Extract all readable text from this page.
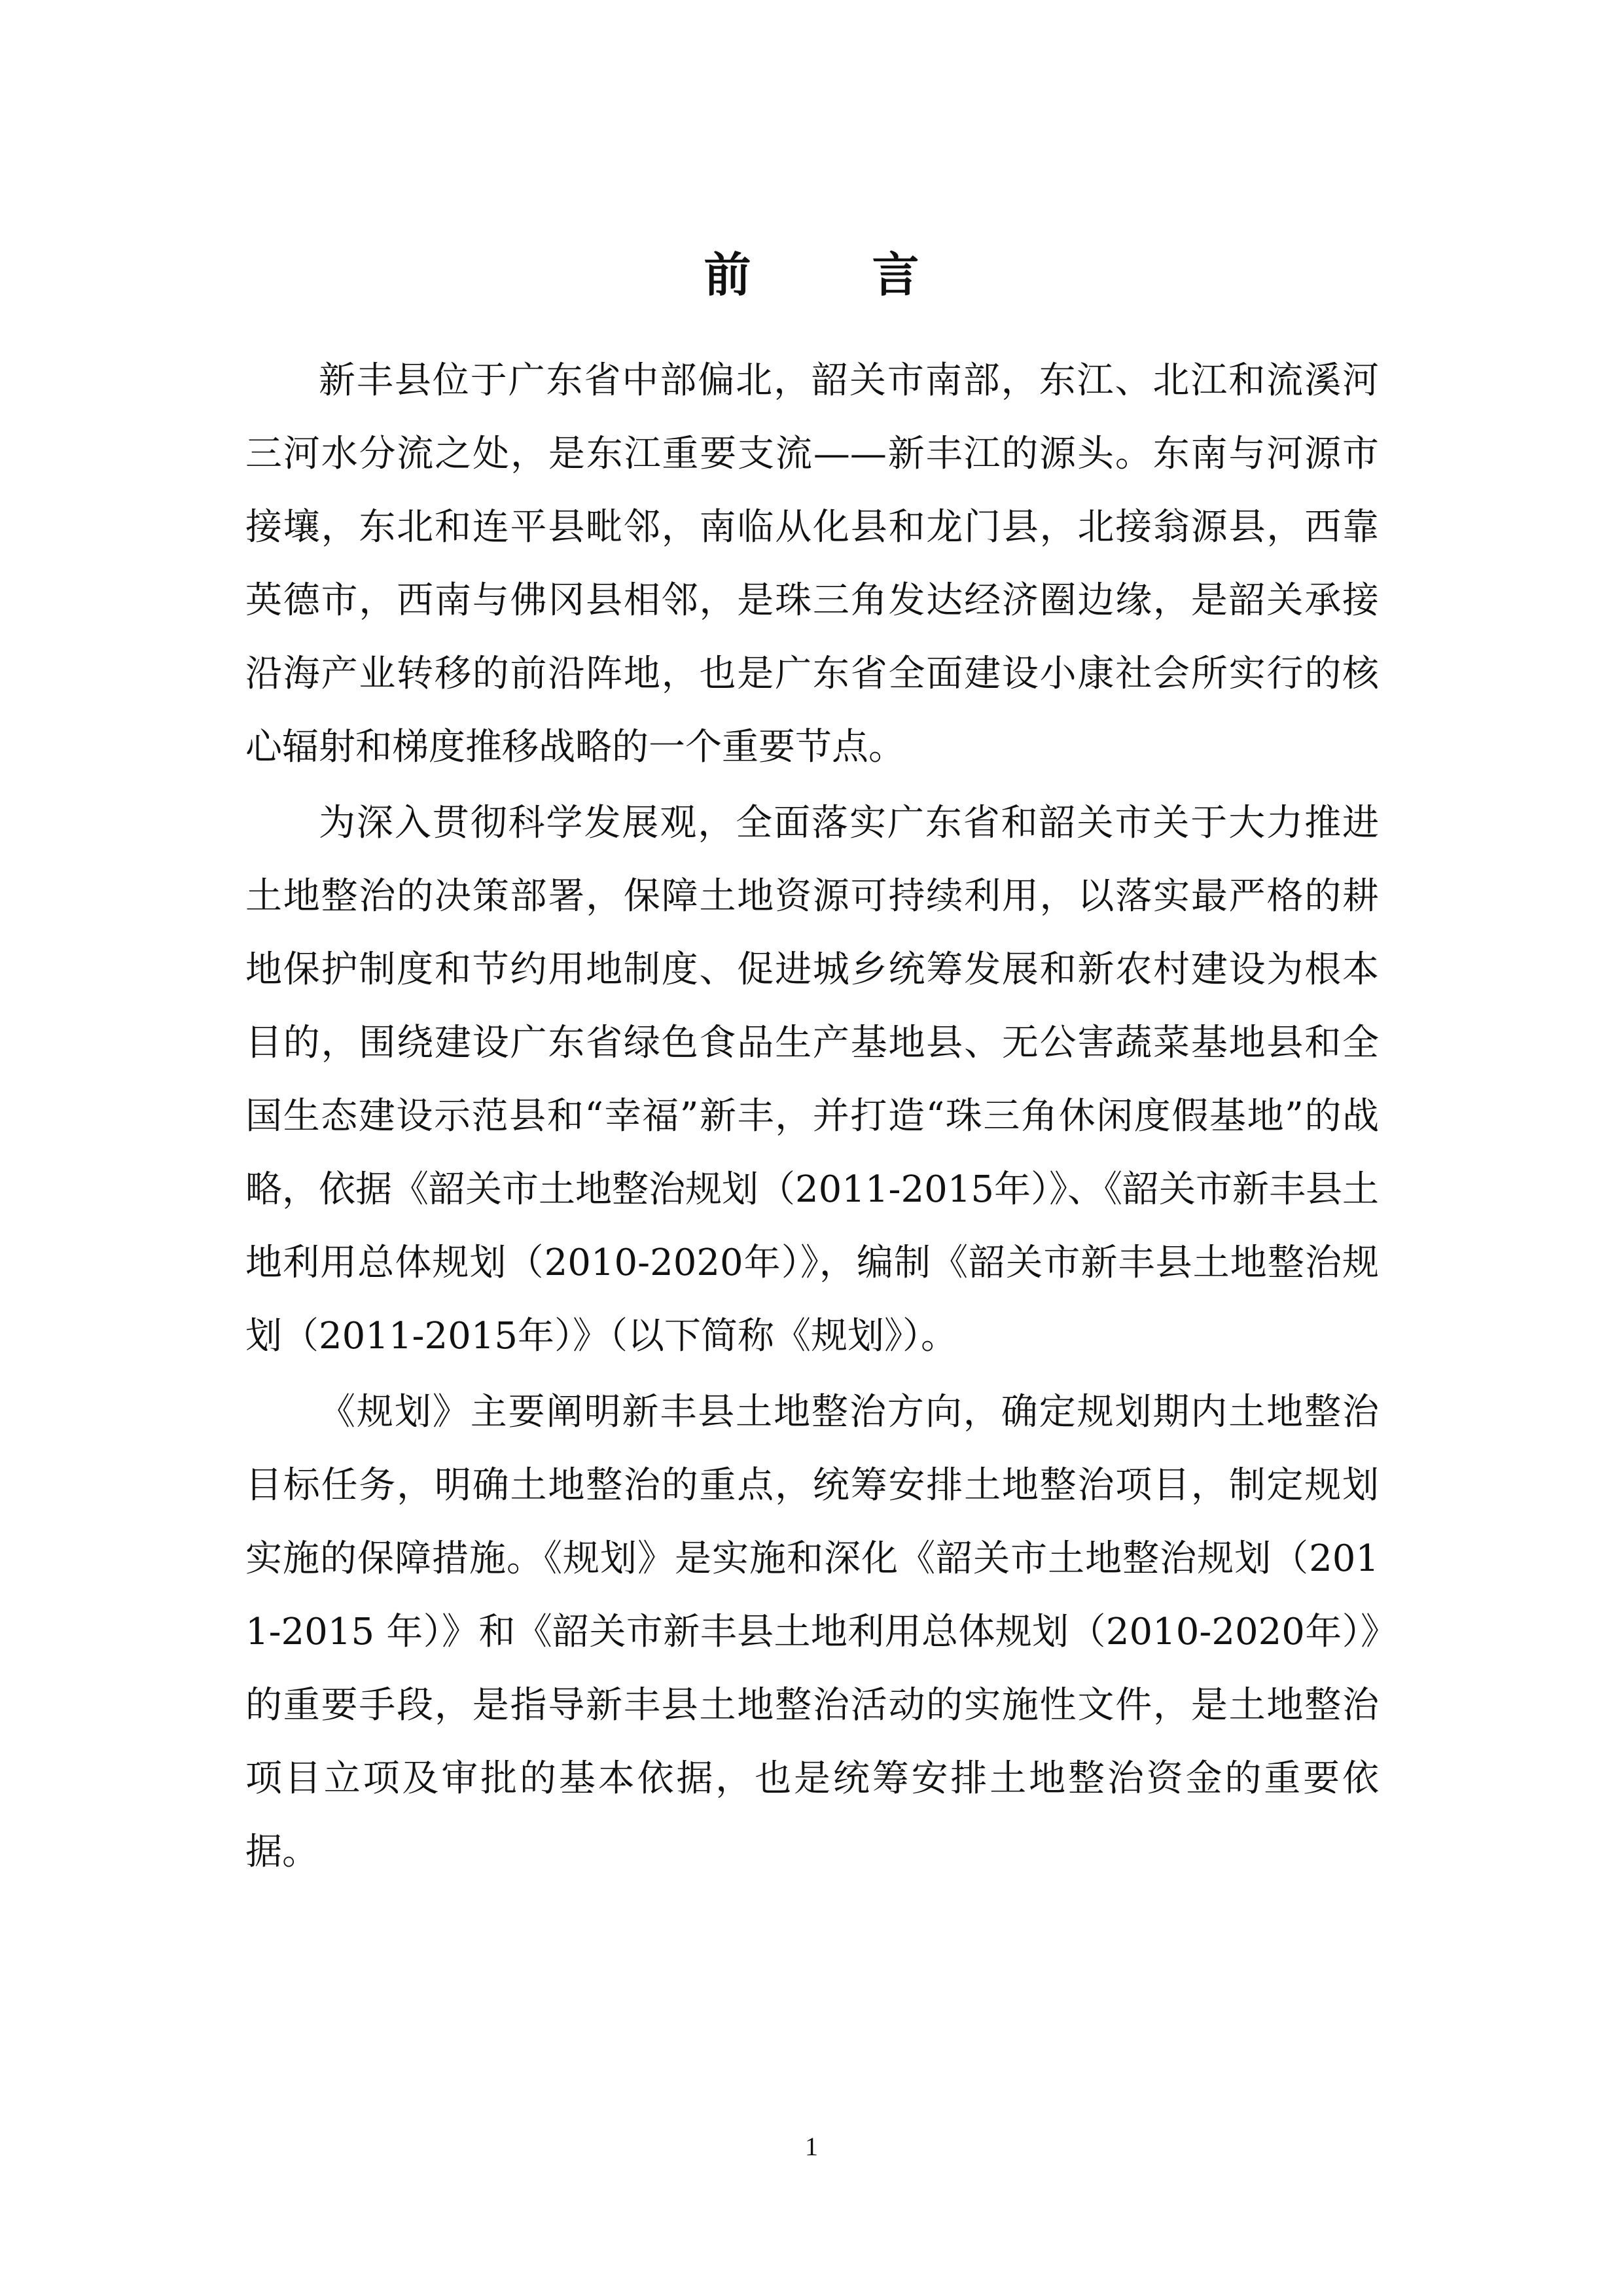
前 言

新丰县位于广东省中部偏北，韶关市南部，东江、北江和流溪河三河水分流之处，是东江重要支流——新丰江的源头。东南与河源市接壤，东北和连平县毗邻，南临从化县和龙门县，北接翁源县，西靠英德市，西南与佛冈县相邻，是珠三角发达经济圈边缘，是韶关承接沿海产业转移的前沿阵地，也是广东省全面建设小康社会所实行的核心辐射和梯度推移战略的一个重要节点。

为深入贯彻科学发展观，全面落实广东省和韶关市关于大力推进土地整治的决策部署，保障土地资源可持续利用，以落实最严格的耕地保护制度和节约用地制度、促进城乡统筹发展和新农村建设为根本目的，围绕建设广东省绿色食品生产基地县、无公害蔬菜基地县和全国生态建设示范县和“幸福”新丰，并打造“珠三角休闲度假基地”的战略，依据《韶关市土地整治规划（2011-2015年）》、《韶关市新丰县土地利用总体规划（2010-2020年）》，编制《韶关市新丰县土地整治规划（2011-2015年）》（以下简称《规划》）。

《规划》主要阐明新丰县土地整治方向，确定规划期内土地整治目标任务，明确土地整治的重点，统筹安排土地整治项目，制定规划实施的保障措施。《规划》是实施和深化《韶关市土地整治规划（2011-2015 年）》和《韶关市新丰县土地利用总体规划（2010-2020年）》的重要手段，是指导新丰县土地整治活动的实施性文件，是土地整治项目立项及审批的基本依据，也是统筹安排土地整治资金的重要依据。

1
